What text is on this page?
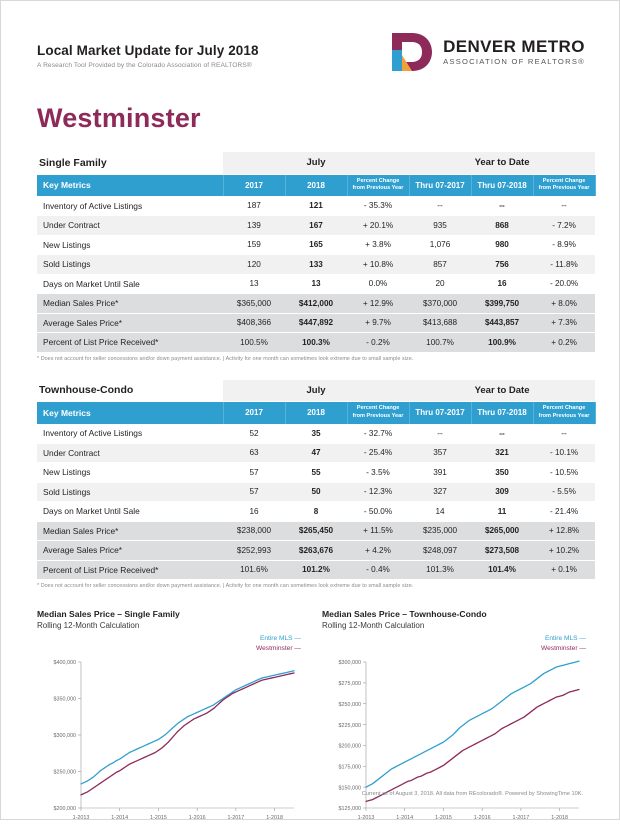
Local Market Update for July 2018
A Research Tool Provided by the Colorado Association of REALTORS®
DENVER METRO
ASSOCIATION OF REALTORS®
Westminster
Single Family	July			Year to Date		
Key Metrics	2017	2018	Percent Change
from Previous Year	Thru 07-2017	Thru 07-2018	Percent Change
from Previous Year
Inventory of Active Listings	187	121	- 35.3%	--	--	--
Under Contract	139	167	+ 20.1%	935	868	- 7.2%
New Listings	159	165	+ 3.8%	1,076	980	- 8.9%
Sold Listings	120	133	+ 10.8%	857	756	- 11.8%
Days on Market Until Sale	13	13	0.0%	20	16	- 20.0%
Median Sales Price*	$365,000	$412,000	+ 12.9%	$370,000	$399,750	+ 8.0%
Average Sales Price*	$408,366	$447,892	+ 9.7%	$413,688	$443,857	+ 7.3%
Percent of List Price Received*	100.5%	100.3%	- 0.2%	100.7%	100.9%	+ 0.2%
* Does not account for seller concessions and/or down payment assistance. | Activity for one month can sometimes look extreme due to small sample size.
Townhouse-Condo	July			Year to Date		
Key Metrics	2017	2018	Percent Change
from Previous Year	Thru 07-2017	Thru 07-2018	Percent Change
from Previous Year
Inventory of Active Listings	52	35	- 32.7%	--	--	--
Under Contract	63	47	- 25.4%	357	321	- 10.1%
New Listings	57	55	- 3.5%	391	350	- 10.5%
Sold Listings	57	50	- 12.3%	327	309	- 5.5%
Days on Market Until Sale	16	8	- 50.0%	14	11	- 21.4%
Median Sales Price*	$238,000	$265,450	+ 11.5%	$235,000	$265,000	+ 12.8%
Average Sales Price*	$252,993	$263,676	+ 4.2%	$248,097	$273,508	+ 10.2%
Percent of List Price Received*	101.6%	101.2%	- 0.4%	101.3%	101.4%	+ 0.1%
* Does not account for seller concessions and/or down payment assistance. | Activity for one month can sometimes look extreme due to small sample size.
Median Sales Price – Single Family
Rolling 12-Month Calculation
Entire MLS —
Westminster —
$200,000
$250,000
$300,000
$350,000
$400,000
1-2013	1-2014	1-2015	1-2016	1-2017	1-2018
Median Sales Price – Townhouse-Condo
Rolling 12-Month Calculation
Entire MLS —
Westminster —
$125,000
$150,000
$175,000
$200,000
$225,000
$250,000
$275,000
$300,000
1-2013	1-2014	1-2015	1-2016	1-2017	1-2018
Current as of August 3, 2018. All data from REcolorado®. Powered by ShowingTime 10K.
